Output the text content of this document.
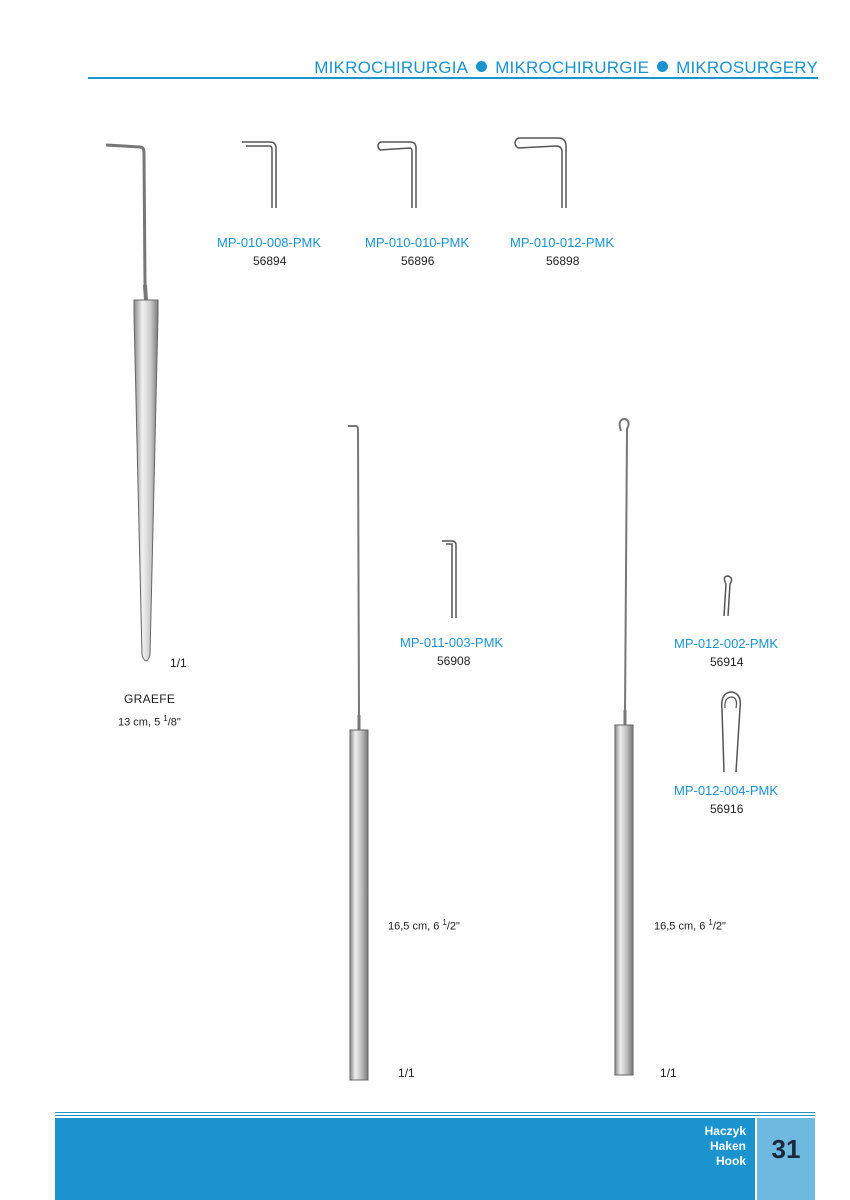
MIKROCHIRURGIA MIKROCHIRURGIE MIKROSURGERY
1/1
GRAEFE
13 cm, 5 $^1$/8"
MP-010-008-PMK
56894
MP-010-010-PMK
56896
MP-010-012-PMK
56898
MP-011-003-PMK
56908
16,5 cm, 6 $^1$/2"
1/1
MP-012-002-PMK
56914
MP-012-004-PMK
56916
16,5 cm, 6 $^1$/2"
1/1
Haczyk
Haken
Hook 31
